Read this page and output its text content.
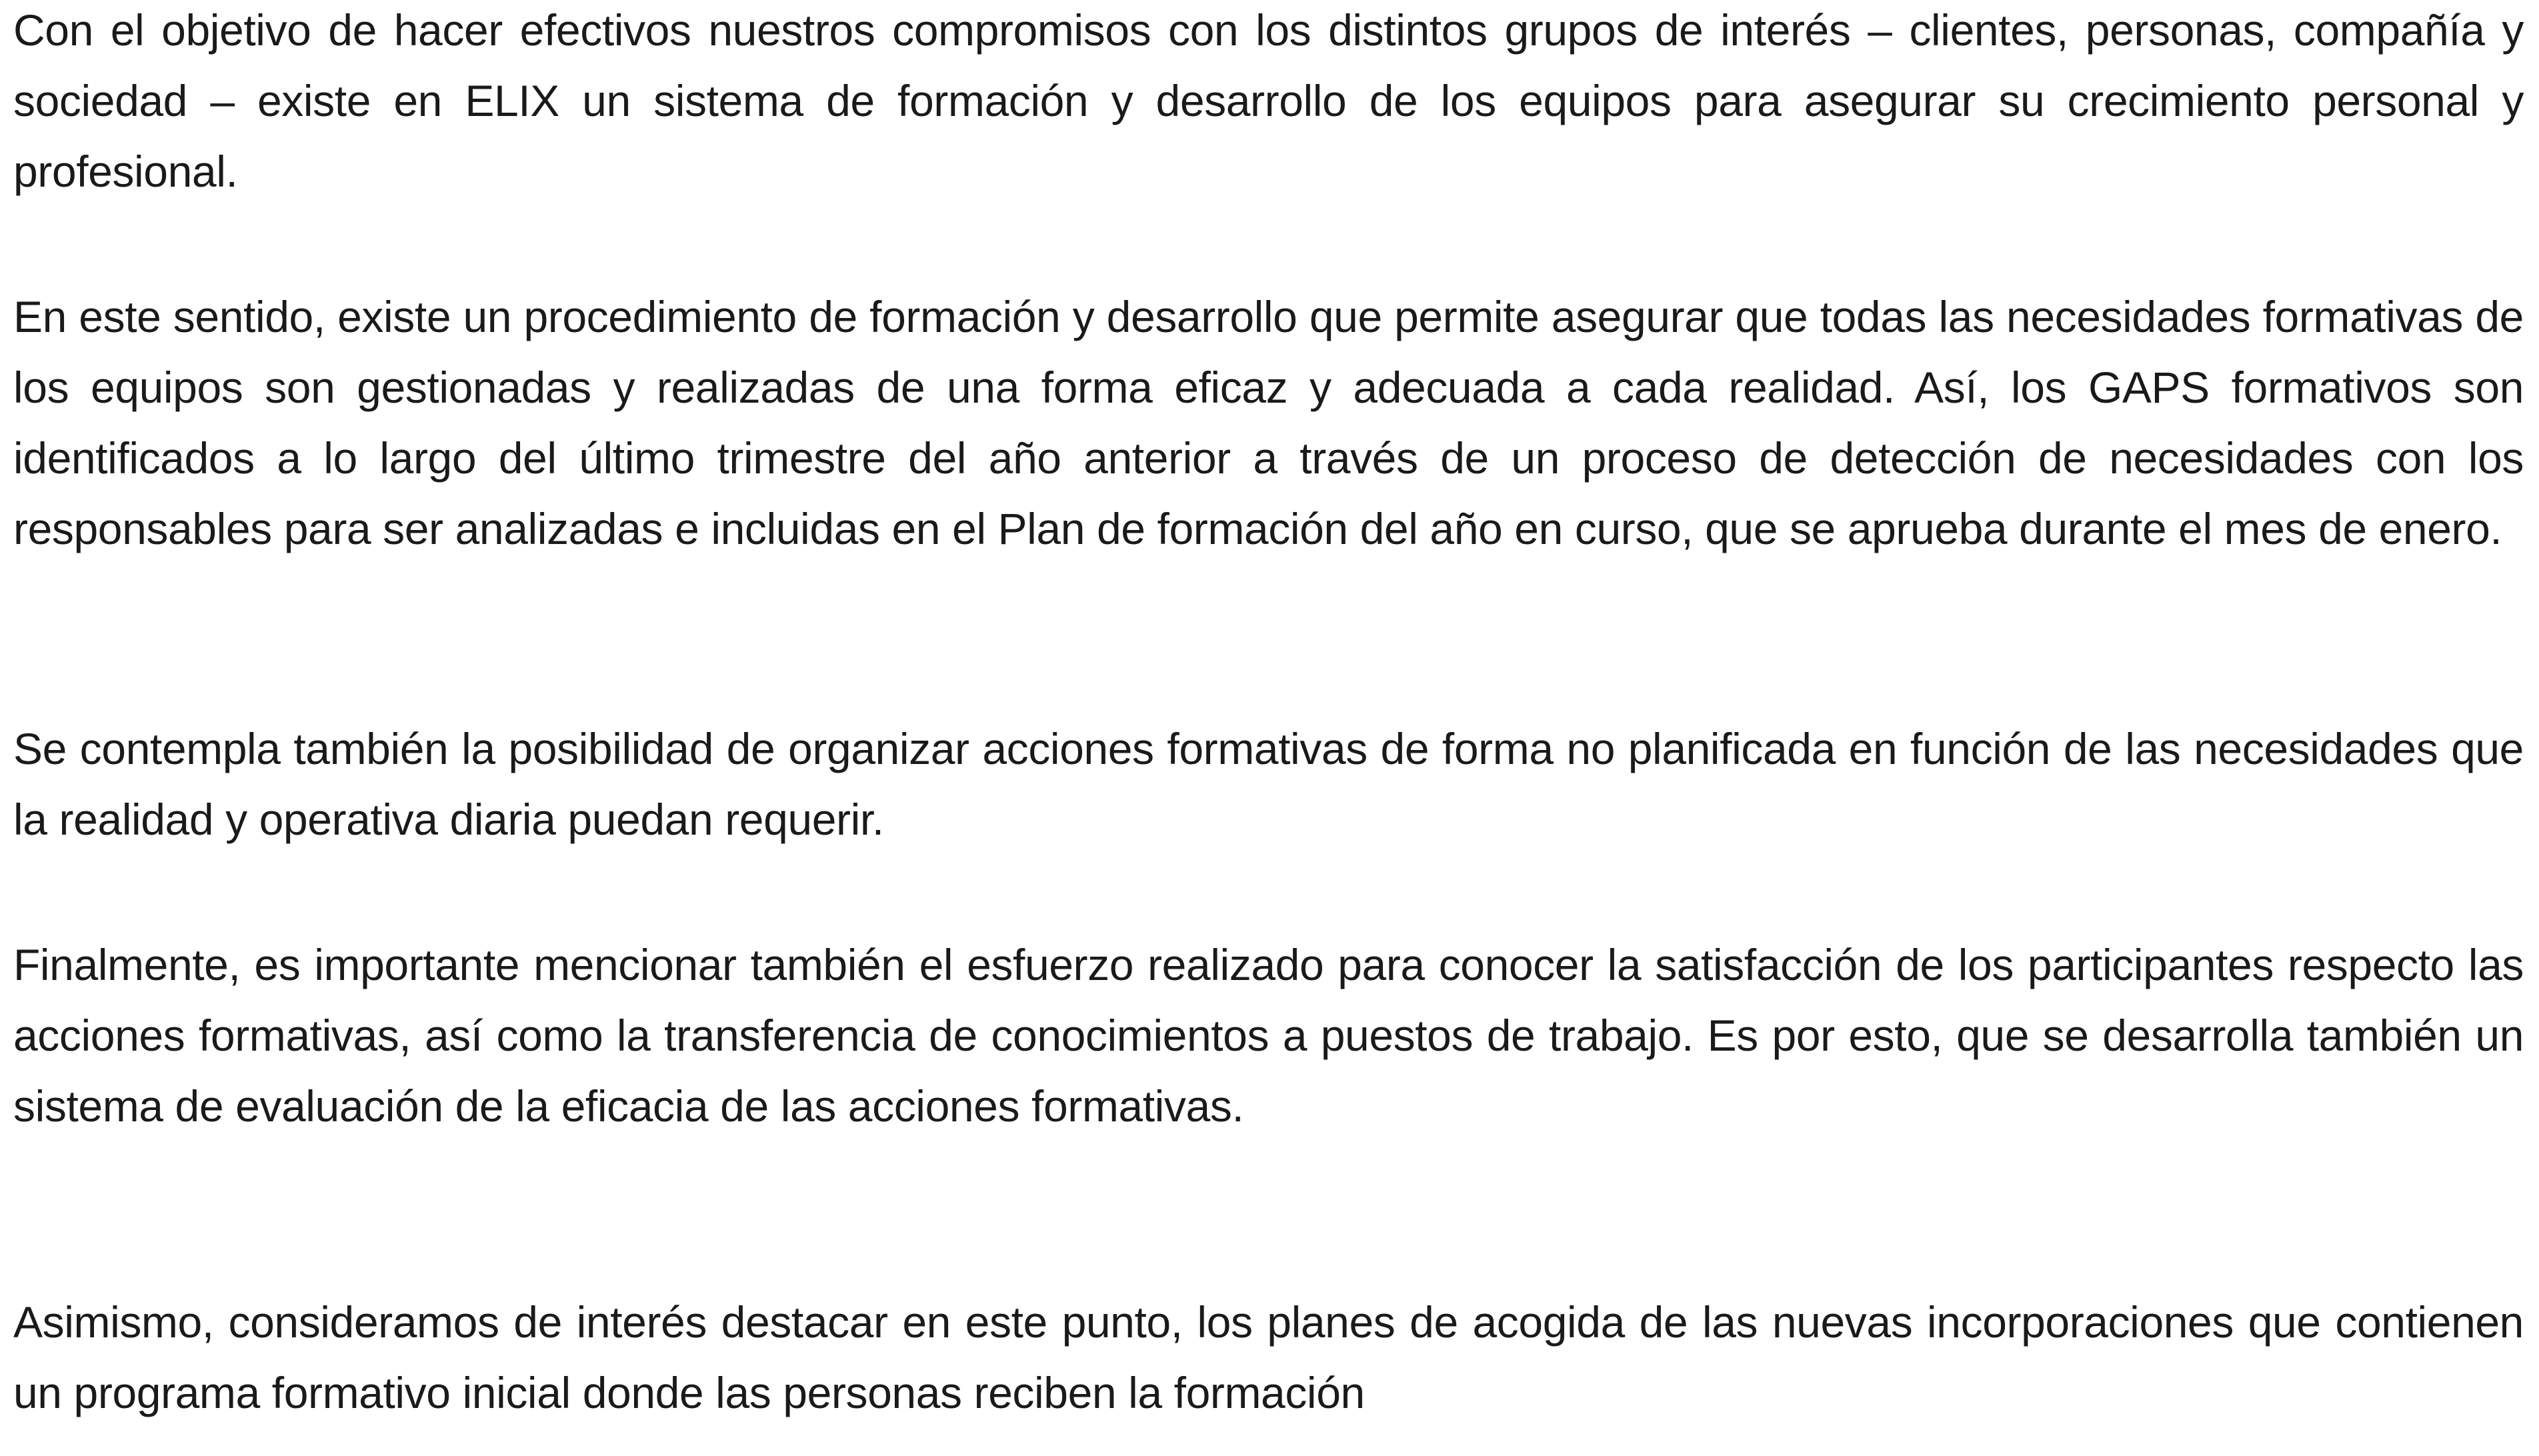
Con el objetivo de hacer efectivos nuestros compromisos con los distintos grupos de interés – clientes, personas, compañía y sociedad – existe en ELIX un sistema de formación y desarrollo de los equipos para asegurar su crecimiento personal y profesional.

En este sentido, existe un procedimiento de formación y desarrollo que permite asegurar que todas las necesidades formativas de los equipos son gestionadas y realizadas de una forma eficaz y adecuada a cada realidad. Así, los GAPS formativos son identificados a lo largo del último trimestre del año anterior a través de un proceso de detección de necesidades con los responsables para ser analizadas e incluidas en el Plan de formación del año en curso, que se aprueba durante el mes de enero.

Se contempla también la posibilidad de organizar acciones formativas de forma no planificada en función de las necesidades que la realidad y operativa diaria puedan requerir.

Finalmente, es importante mencionar también el esfuerzo realizado para conocer la satisfacción de los participantes respecto las acciones formativas, así como la transferencia de conocimientos a puestos de trabajo. Es por esto, que se desarrolla también un sistema de evaluación de la eficacia de las acciones formativas.

Asimismo, consideramos de interés destacar en este punto, los planes de acogida de las nuevas incorporaciones que contienen un programa formativo inicial donde las personas reciben la formación
